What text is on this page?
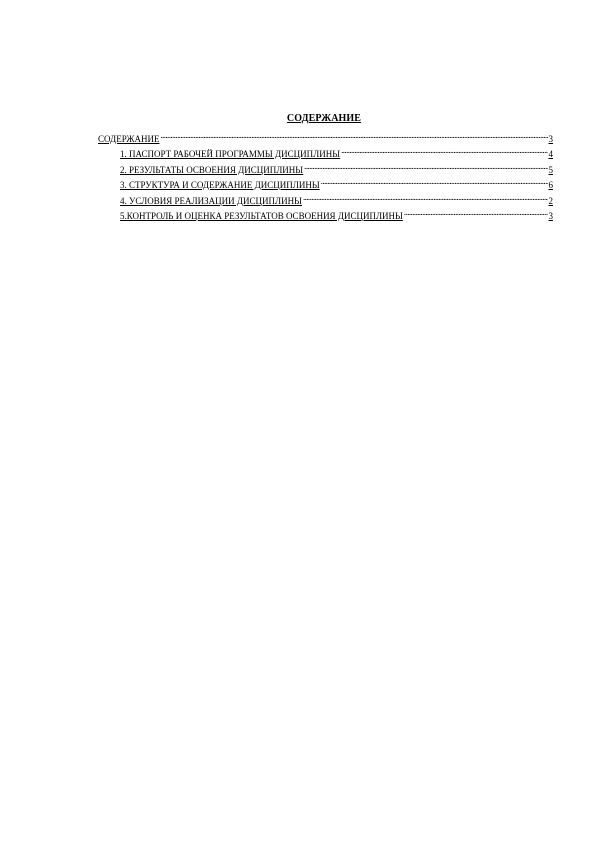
СОДЕРЖАНИЕ
СОДЕРЖАНИЕ .....	3
1. ПАСПОРТ РАБОЧЕЙ ПРОГРАММЫ ДИСЦИПЛИНЫ .....	4
2. РЕЗУЛЬТАТЫ ОСВОЕНИЯ ДИСЦИПЛИНЫ .....	5
3. СТРУКТУРА И СОДЕРЖАНИЕ ДИСЦИПЛИНЫ .....	6
4. УСЛОВИЯ РЕАЛИЗАЦИИ ДИСЦИПЛИНЫ .....	2
5.КОНТРОЛЬ И ОЦЕНКА РЕЗУЛЬТАТОВ ОСВОЕНИЯ ДИСЦИПЛИНЫ .....	3
